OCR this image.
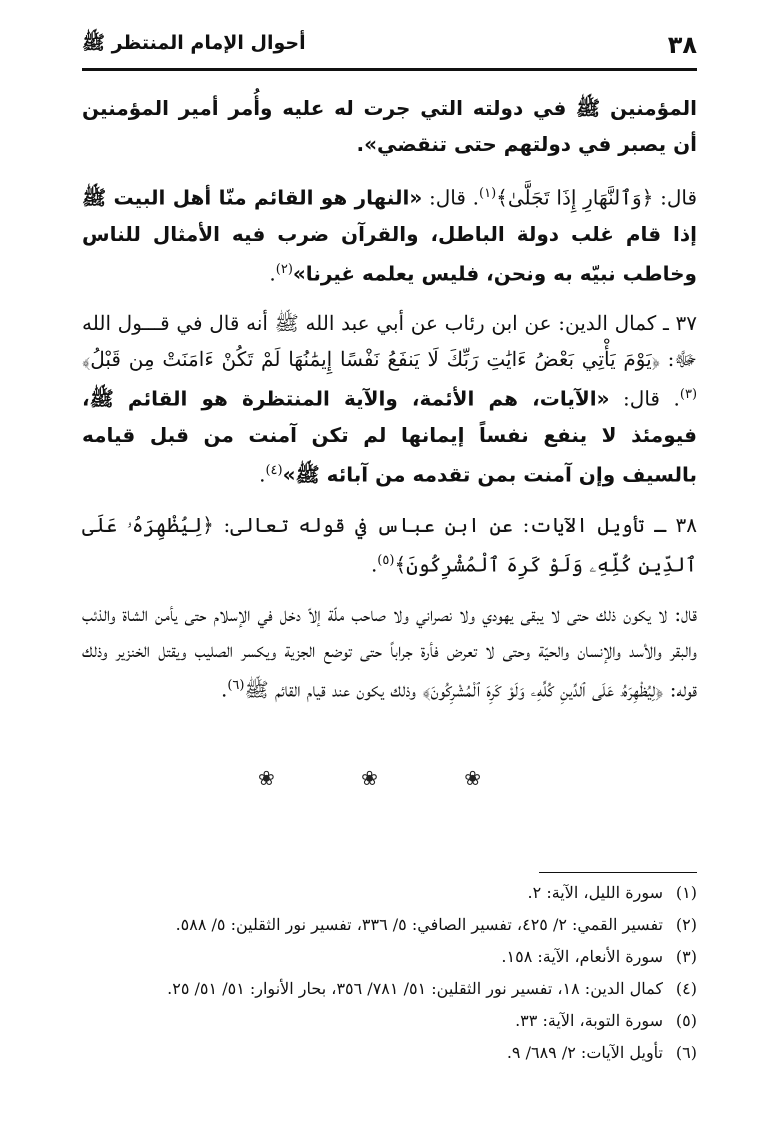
٣٨
أحوال الإمام المنتظر ﷺ

المؤمنين ﷺ في دولته التي جرت له عليه وأُمر أمير المؤمنين أن يصبر في دولتهم حتى تنقضي».

قال: ﴿وَٱلنَّهَارِ إِذَا تَجَلَّىٰ﴾$^{(١)}$. قال: «النهار هو القائم منّا أهل البيت ﷺ إذا قام غلب دولة الباطل، والقرآن ضرب فيه الأمثال للناس وخاطب نبيّه به ونحن، فليس يعلمه غيرنا»$^{(٢)}$.

٣٧ ـ كمال الدين: عن ابن رئاب عن أبي عبد الله ﷺ أنه قال في قـــول الله ﷻ: ﴿يَوْمَ يَأْتِي بَعْضُ ءَايَٰتِ رَبِّكَ لَا يَنفَعُ نَفْسًا إِيمَٰنُهَا لَمْ تَكُنْ ءَامَنَتْ مِن قَبْلُ﴾$^{(٣)}$. قال: «الآيات، هم الأئمة، والآية المنتظرة هو القائم ﷺ، فيومئذ لا ينفع نفساً إيمانها لم تكن آمنت من قبل قيامه بالسيف وإن آمنت بمن تقدمه من آبائه ﷺ»$^{(٤)}$.

٣٨ ـ تأويل الآيات: عن ابن عباس في قوله تعالى: ﴿لِيُظْهِرَهُۥ عَلَى ٱلدِّينِ كُلِّهِۦ وَلَوْ كَرِهَ ٱلْمُشْرِكُونَ﴾$^{(٥)}$.

قال: لا يكون ذلك حتى لا يبقى يهودي ولا نصراني ولا صاحب ملّة إلاّ دخل في الإسلام حتى يأمن الشاة والذئب والبقر والأسد والإنسان والحيّة وحتى لا تعرض فأرة جراباً حتى توضع الجزية ويكسر الصليب ويقتل الخنزير وذلك قوله: ﴿لِيُظْهِرَهُۥ عَلَى ٱلدِّينِ كُلِّهِۦ وَلَوْ كَرِهَ ٱلْمُشْرِكُونَ﴾ وذلك يكون عند قيام القائم ﷺ$^{(٦)}$.

❀ ❀ ❀
(١)
سورة الليل، الآية: ٢.
(٢)
تفسير القمي: ٢/ ٤٢٥، تفسير الصافي: ٥/ ٣٣٦، تفسير نور الثقلين: ٥/ ٥٨٨.
(٣)
سورة الأنعام، الآية: ١٥٨.
(٤)
كمال الدين: ١٨، تفسير نور الثقلين: ٥١/ ٧٨١/ ٣٥٦، بحار الأنوار: ٥١/ ٥١/ ٢٥.
(٥)
سورة التوبة، الآية: ٣٣.
(٦)
تأويل الآيات: ٢/ ٦٨٩/ ٩.
